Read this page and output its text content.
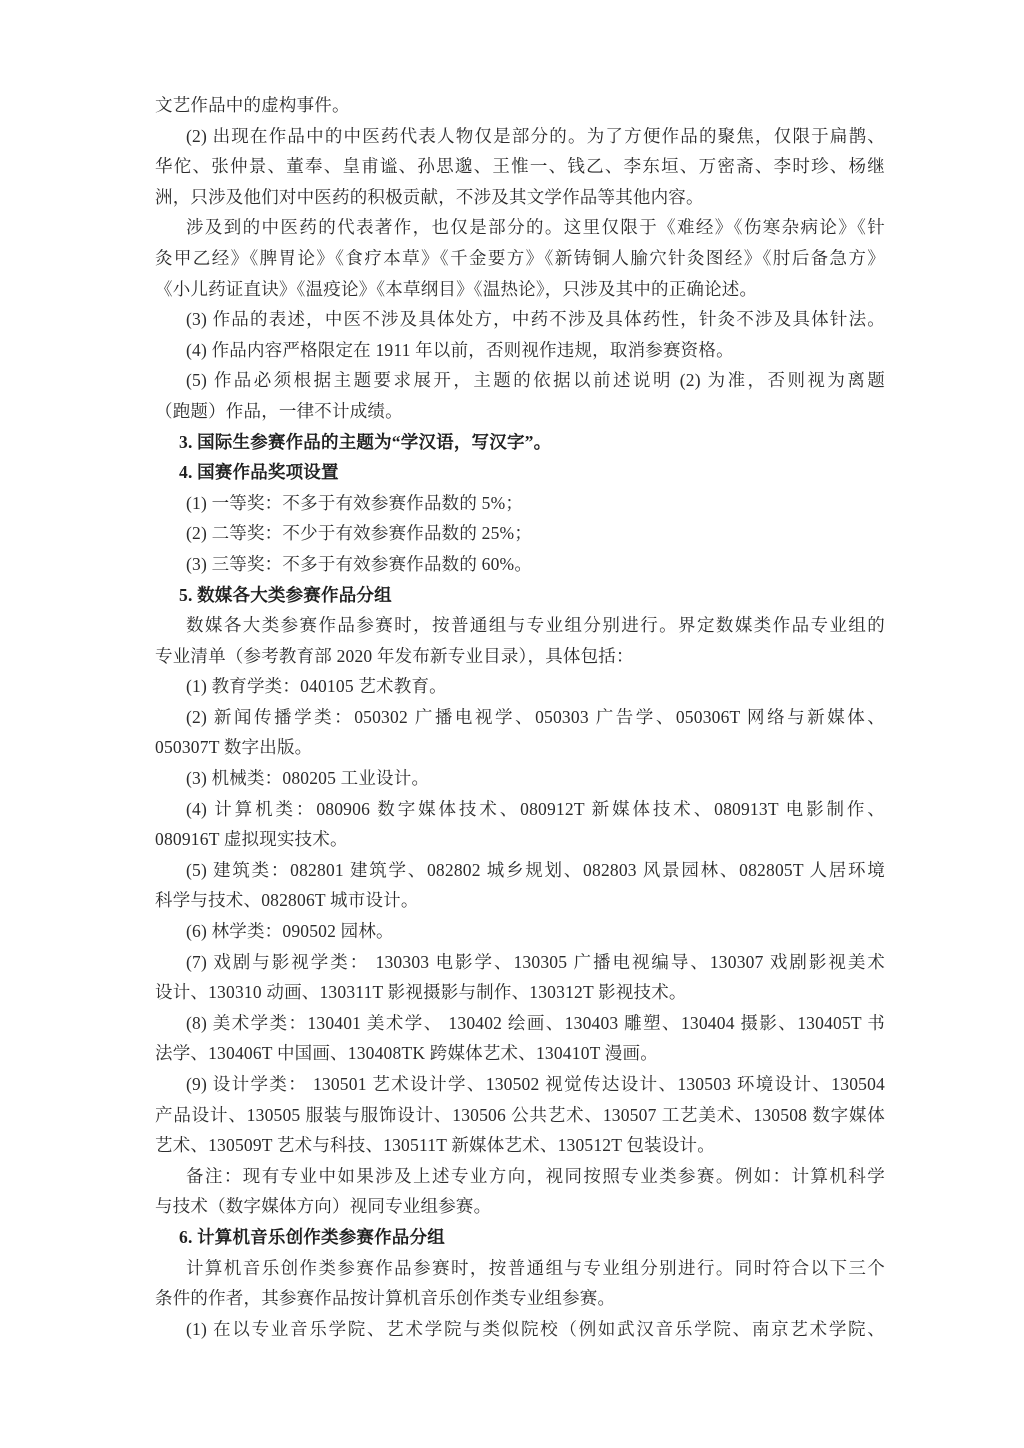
文艺作品中的虚构事件。
(2) 出现在作品中的中医药代表人物仅是部分的。为了方便作品的聚焦，仅限于扁鹊、
华佗、张仲景、董奉、皇甫谧、孙思邈、王惟一、钱乙、李东垣、万密斋、李时珍、杨继
洲，只涉及他们对中医药的积极贡献，不涉及其文学作品等其他内容。
涉及到的中医药的代表著作，也仅是部分的。这里仅限于《难经》《伤寒杂病论》《针
灸甲乙经》《脾胃论》《食疗本草》《千金要方》《新铸铜人腧穴针灸图经》《肘后备急方》
《小儿药证直诀》《温疫论》《本草纲目》《温热论》，只涉及其中的正确论述。
(3) 作品的表述，中医不涉及具体处方，中药不涉及具体药性，针灸不涉及具体针法。
(4) 作品内容严格限定在 1911 年以前，否则视作违规，取消参赛资格。
(5) 作品必须根据主题要求展开，主题的依据以前述说明 (2) 为准，否则视为离题
（跑题）作品，一律不计成绩。
3. 国际生参赛作品的主题为“学汉语，写汉字”。
4. 国赛作品奖项设置
(1) 一等奖：不多于有效参赛作品数的 5%；
(2) 二等奖：不少于有效参赛作品数的 25%；
(3) 三等奖：不多于有效参赛作品数的 60%。
5. 数媒各大类参赛作品分组
数媒各大类参赛作品参赛时，按普通组与专业组分别进行。界定数媒类作品专业组的
专业清单（参考教育部 2020 年发布新专业目录），具体包括：
(1) 教育学类：040105 艺术教育。
(2) 新闻传播学类：050302 广播电视学、050303 广告学、050306T 网络与新媒体、
050307T 数字出版。
(3) 机械类：080205 工业设计。
(4) 计算机类：080906 数字媒体技术、080912T 新媒体技术、080913T 电影制作、
080916T 虚拟现实技术。
(5) 建筑类：082801 建筑学、082802 城乡规划、082803 风景园林、082805T 人居环境
科学与技术、082806T 城市设计。
(6) 林学类：090502 园林。
(7) 戏剧与影视学类： 130303 电影学、130305 广播电视编导、130307 戏剧影视美术
设计、130310 动画、130311T 影视摄影与制作、130312T 影视技术。
(8) 美术学类：130401 美术学、 130402 绘画、130403 雕塑、130404 摄影、130405T 书
法学、130406T 中国画、130408TK 跨媒体艺术、130410T 漫画。
(9) 设计学类： 130501 艺术设计学、130502 视觉传达设计、130503 环境设计、130504
产品设计、130505 服装与服饰设计、130506 公共艺术、130507 工艺美术、130508 数字媒体
艺术、130509T 艺术与科技、130511T 新媒体艺术、130512T 包装设计。
备注：现有专业中如果涉及上述专业方向，视同按照专业类参赛。例如：计算机科学
与技术（数字媒体方向）视同专业组参赛。
6. 计算机音乐创作类参赛作品分组
计算机音乐创作类参赛作品参赛时，按普通组与专业组分别进行。同时符合以下三个
条件的作者，其参赛作品按计算机音乐创作类专业组参赛。
(1) 在以专业音乐学院、艺术学院与类似院校（例如武汉音乐学院、南京艺术学院、
